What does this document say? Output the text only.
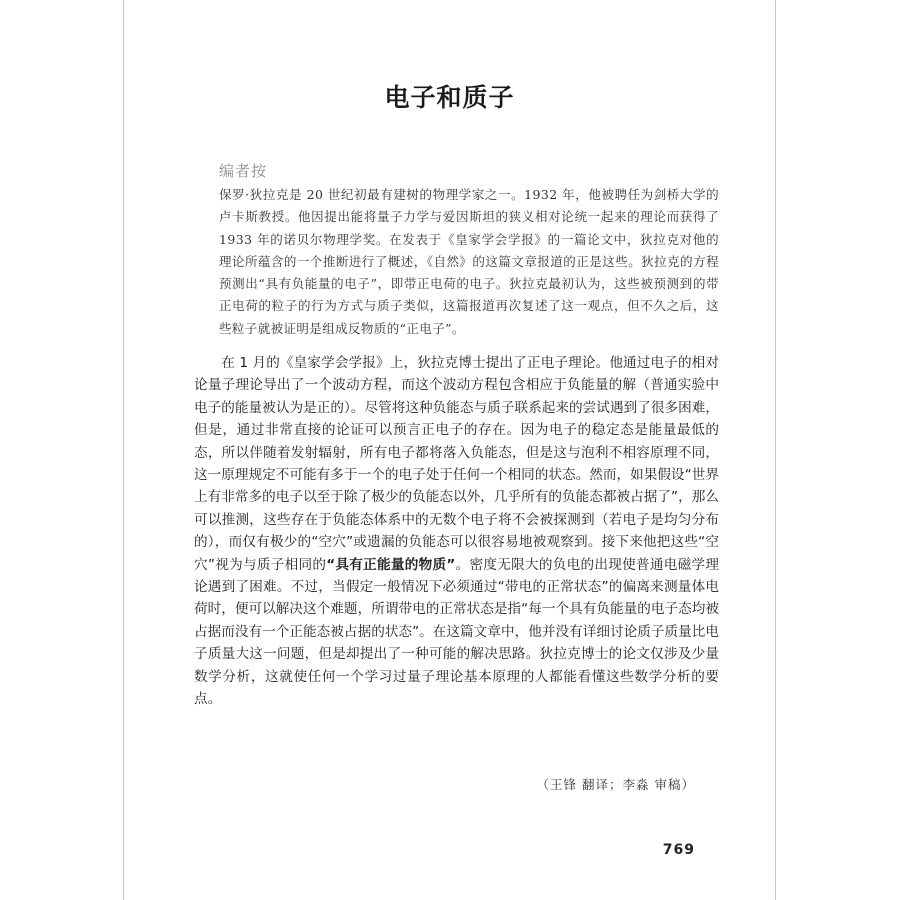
电子和质子
编者按

保罗·狄拉克是 20 世纪初最有建树的物理学家之一。1932 年，他被聘任为剑桥大学的卢卡斯教授。他因提出能将量子力学与爱因斯坦的狭义相对论统一起来的理论而获得了 1933 年的诺贝尔物理学奖。在发表于《皇家学会学报》的一篇论文中，狄拉克对他的理论所蕴含的一个推断进行了概述，《自然》的这篇文章报道的正是这些。狄拉克的方程预测出“具有负能量的电子”，即带正电荷的电子。狄拉克最初认为，这些被预测到的带正电荷的粒子的行为方式与质子类似，这篇报道再次复述了这一观点，但不久之后，这些粒子就被证明是组成反物质的“正电子”。

在 1 月的《皇家学会学报》上，狄拉克博士提出了正电子理论。他通过电子的相对论量子理论导出了一个波动方程，而这个波动方程包含相应于负能量的解（普通实验中电子的能量被认为是正的）。尽管将这种负能态与质子联系起来的尝试遇到了很多困难，但是，通过非常直接的论证可以预言正电子的存在。因为电子的稳定态是能量最低的态，所以伴随着发射辐射，所有电子都将落入负能态，但是这与泡利不相容原理不同，这一原理规定不可能有多于一个的电子处于任何一个相同的状态。然而，如果假设“世界上有非常多的电子以至于除了极少的负能态以外，几乎所有的负能态都被占据了”，那么可以推测，这些存在于负能态体系中的无数个电子将不会被探测到（若电子是均匀分布的），而仅有极少的“空穴”或遗漏的负能态可以很容易地被观察到。接下来他把这些“空穴”视为与质子相同的“具有正能量的物质”。密度无限大的负电的出现使普通电磁学理论遇到了困难。不过，当假定一般情况下必须通过“带电的正常状态”的偏离来测量体电荷时，便可以解决这个难题，所谓带电的正常状态是指“每一个具有负能量的电子态均被占据而没有一个正能态被占据的状态”。在这篇文章中，他并没有详细讨论质子质量比电子质量大这一问题，但是却提出了一种可能的解决思路。狄拉克博士的论文仅涉及少量数学分析，这就使任何一个学习过量子理论基本原理的人都能看懂这些数学分析的要点。

（王锋 翻译；李淼 审稿）
769
